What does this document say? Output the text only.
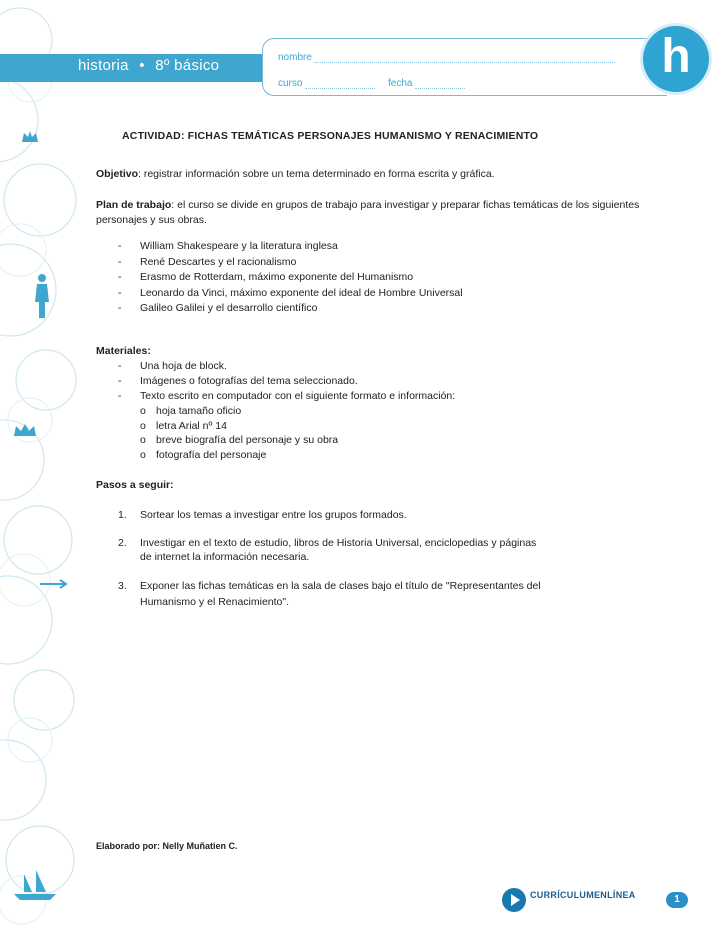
historia • 8º básico	nombre
curso	fecha
h
ACTIVIDAD: FICHAS TEMÁTICAS PERSONAJES HUMANISMO Y RENACIMIENTO
Objetivo: registrar información sobre un tema determinado en forma escrita y gráfica.
Plan de trabajo: el curso se divide en grupos de trabajo para investigar y preparar fichas temáticas de los siguientes personajes y sus obras.
- William Shakespeare y la literatura inglesa
- René Descartes y el racionalismo
- Erasmo de Rotterdam, máximo exponente del Humanismo
- Leonardo da Vinci, máximo exponente del ideal de Hombre Universal
- Galileo Galilei y el desarrollo científico
Materiales:
- Una hoja de block.
- Imágenes o fotografías del tema seleccionado.
- Texto escrito en computador con el siguiente formato e información:
o hoja tamaño oficio
o letra Arial nº 14
o breve biografía del personaje y su obra
o fotografía del personaje
Pasos a seguir:
1. Sortear los temas a investigar entre los grupos formados.
2. Investigar en el texto de estudio, libros de Historia Universal, enciclopedias y páginas
de internet la información necesaria.
3. Exponer las fichas temáticas en la sala de clases bajo el título de "Representantes del
Humanismo y el Renacimiento".
Elaborado por: Nelly Muñatien C.
CURRÍCULUMENLÍNEA	1
